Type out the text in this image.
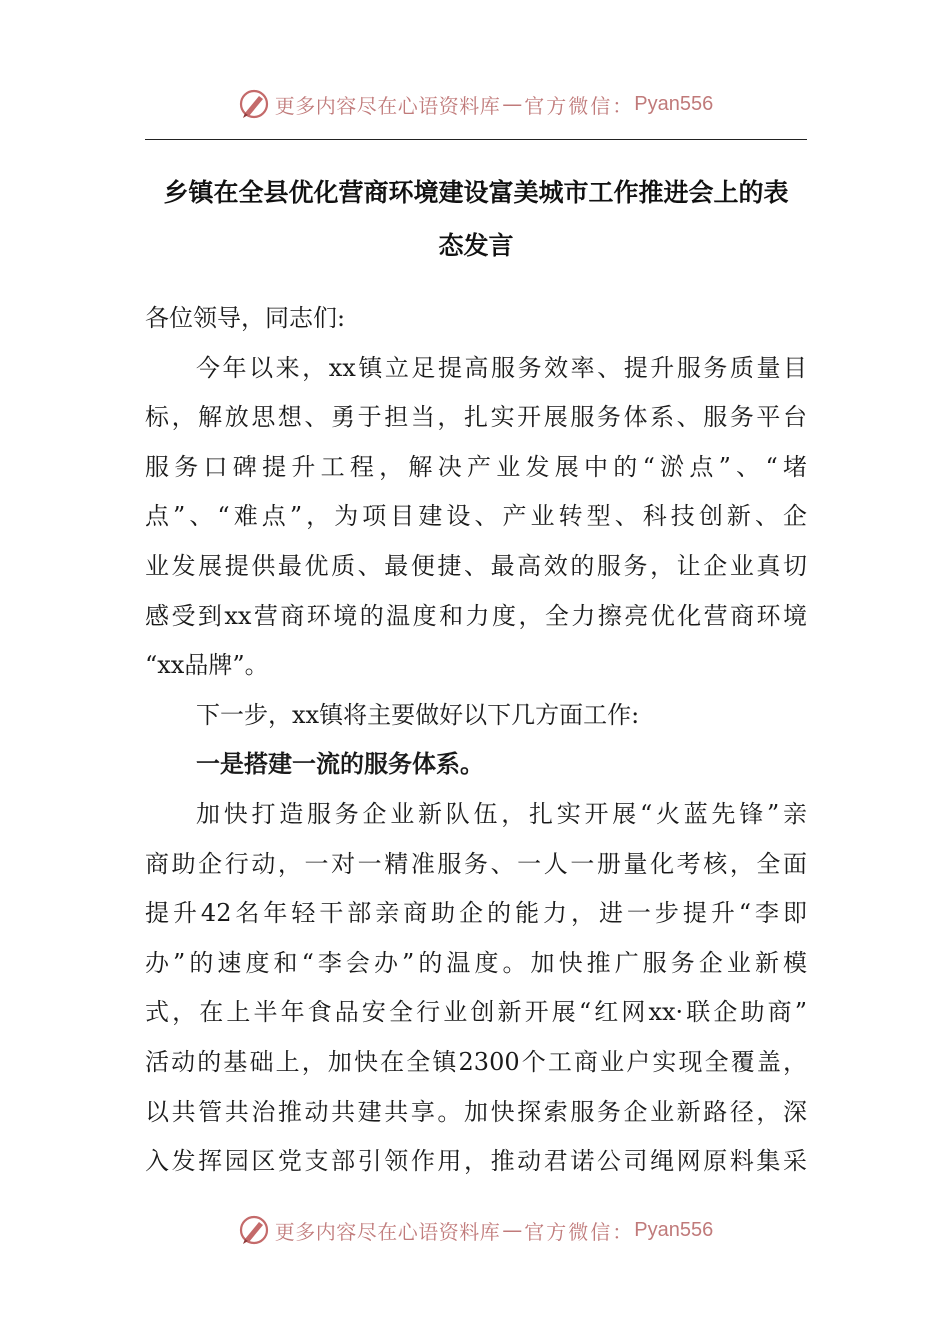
更多内容尽在心语资料库 — 官方微信： Pyan556
乡镇在全县优化营商环境建设富美城市工作推进会上的表
态发言
各位领导，同志们:
今年以来，xx镇立足提高服务效率、提升服务质量目
标，解放思想、勇于担当，扎实开展服务体系、服务平台
服务口碑提升工程，解决产业发展中的“淤点”、“堵
点”、“难点”，为项目建设、产业转型、科技创新、企
业发展提供最优质、最便捷、最高效的服务，让企业真切
感受到xx营商环境的温度和力度，全力擦亮优化营商环境
“xx品牌”。
下一步，xx镇将主要做好以下几方面工作:
一是搭建一流的服务体系。
加快打造服务企业新队伍，扎实开展“火蓝先锋”亲
商助企行动，一对一精准服务、一人一册量化考核，全面
提升42名年轻干部亲商助企的能力，进一步提升“李即
办”的速度和“李会办”的温度。加快推广服务企业新模
式，在上半年食品安全行业创新开展“红网xx·联企助商”
活动的基础上，加快在全镇2300个工商业户实现全覆盖，
以共管共治推动共建共享。加快探索服务企业新路径，深
入发挥园区党支部引领作用，推动君诺公司绳网原料集采
更多内容尽在心语资料库 — 官方微信： Pyan556
